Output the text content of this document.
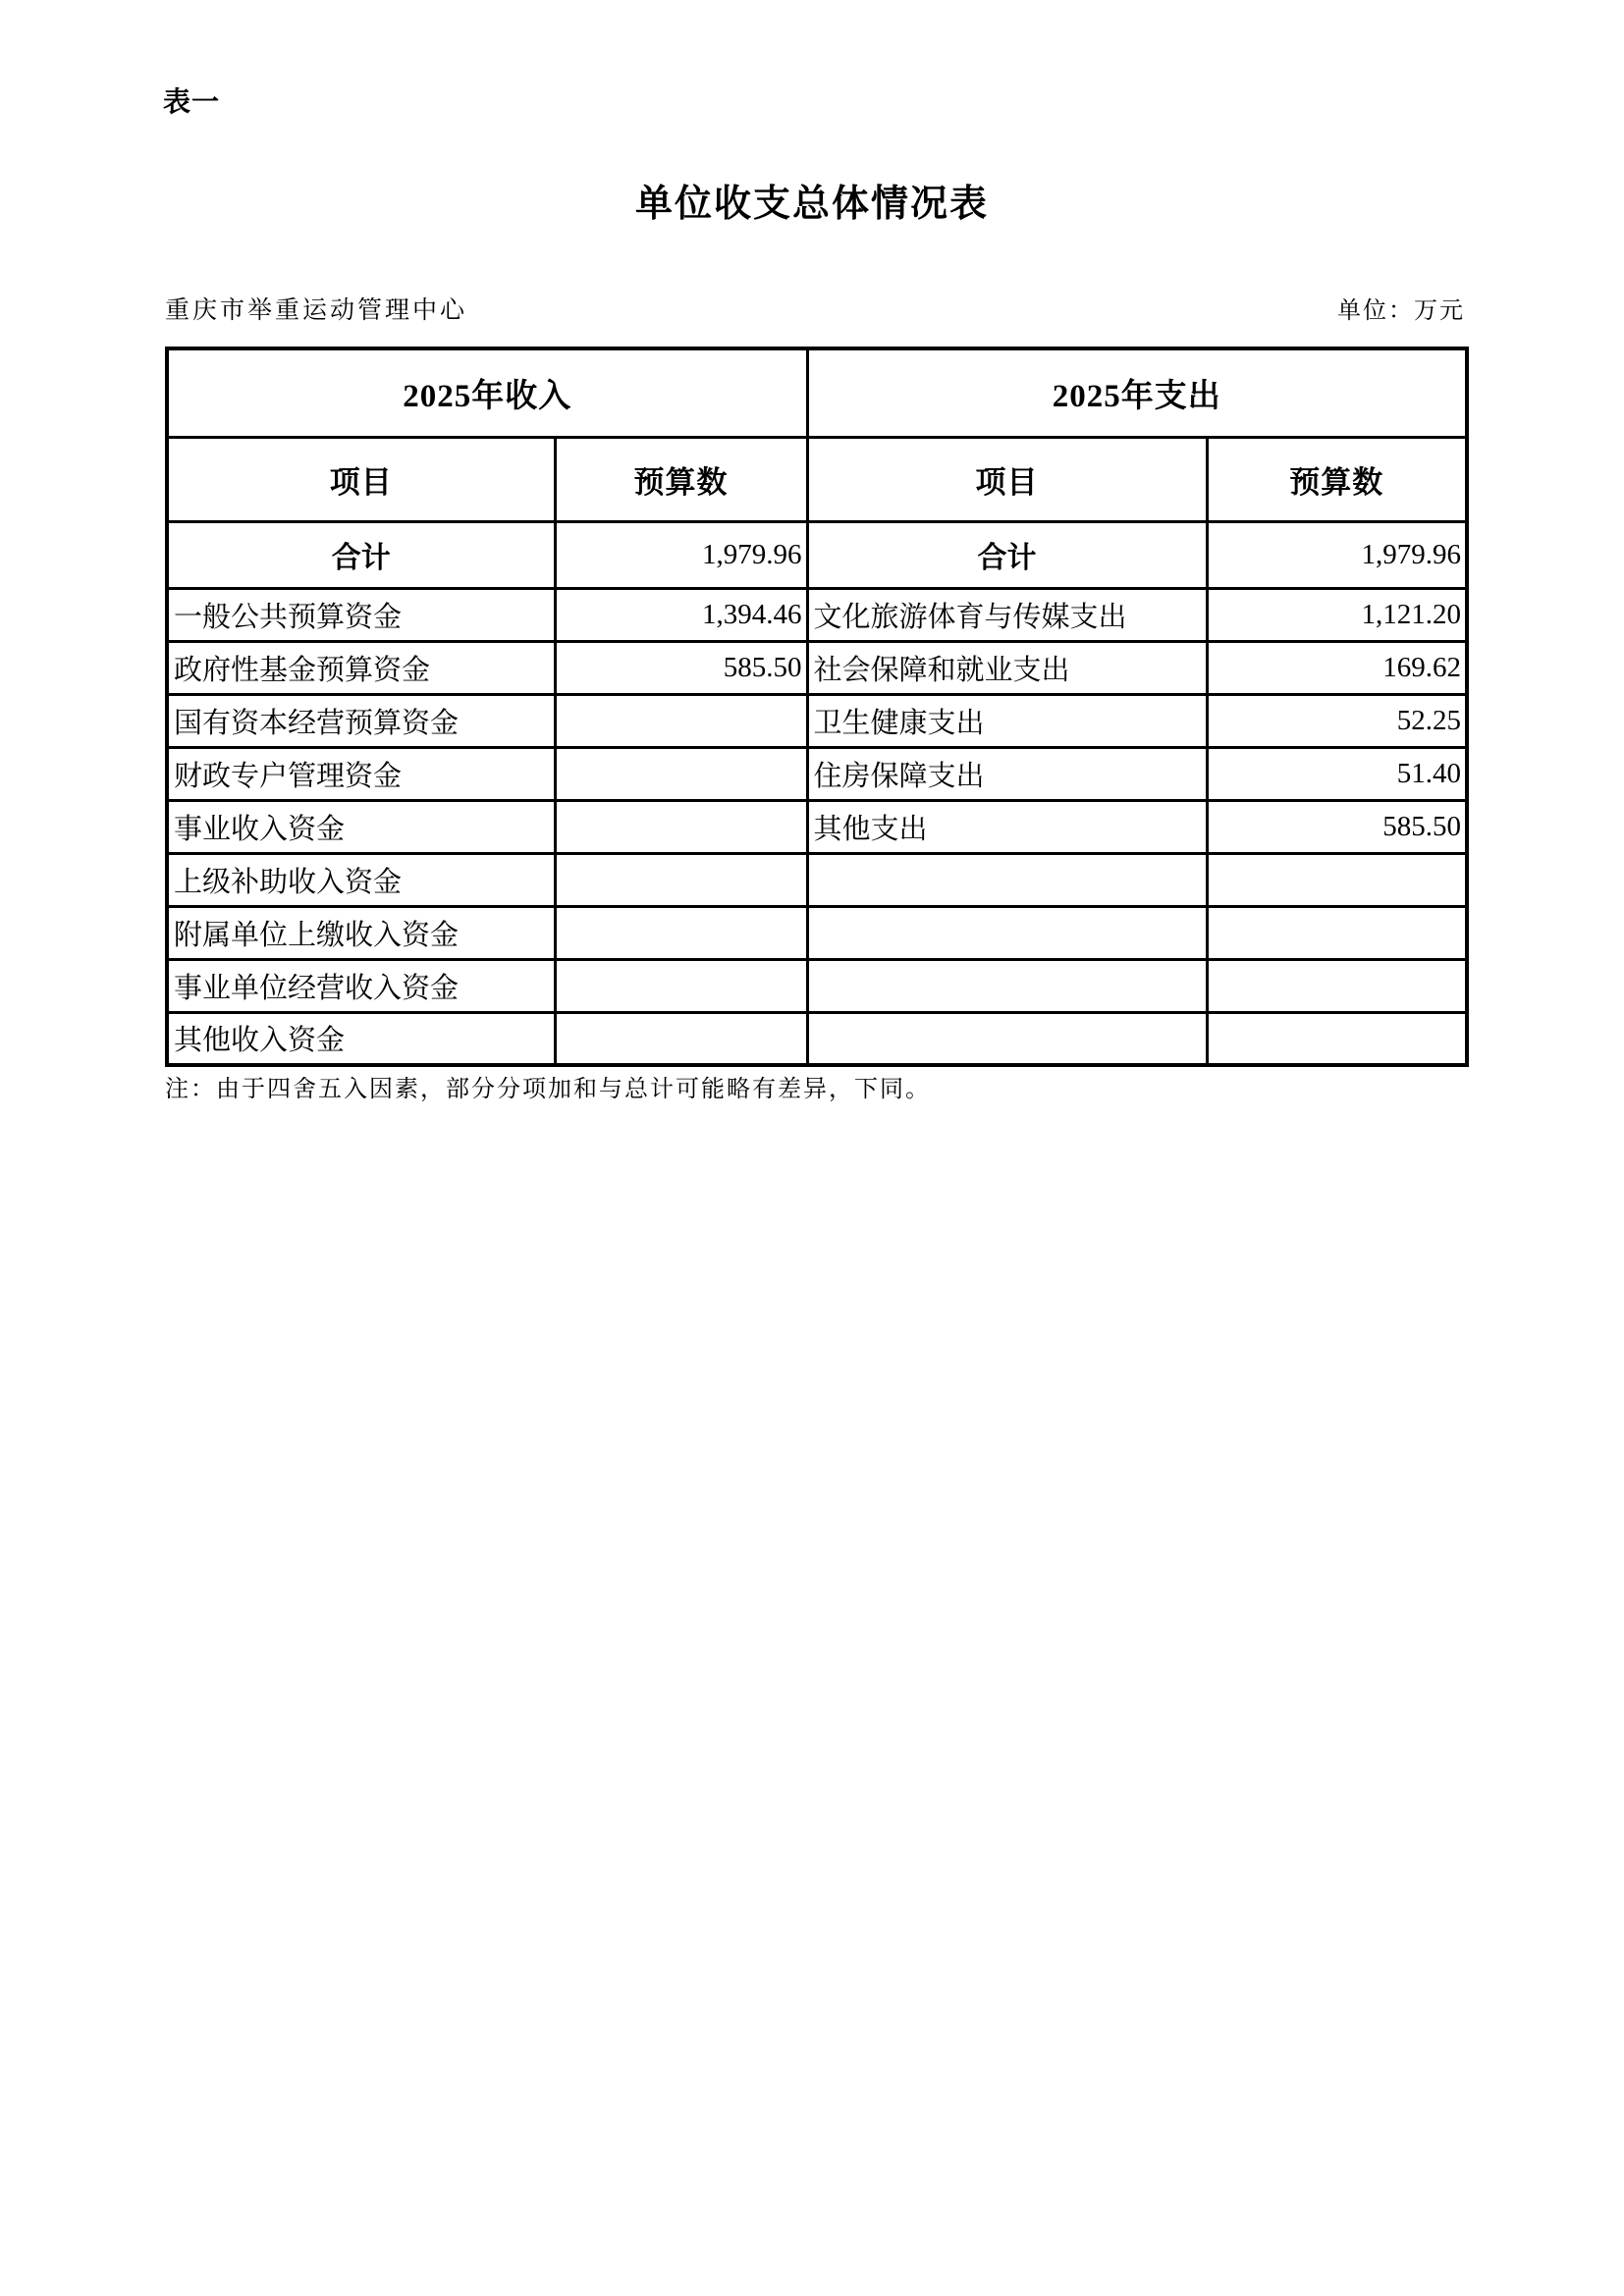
表一
单位收支总体情况表
重庆市举重运动管理中心	单位：万元
2025年收入		2025年支出	
项目	预算数	项目	预算数
合计	1,979.96	合计	1,979.96
一般公共预算资金	1,394.46	文化旅游体育与传媒支出	1,121.20
政府性基金预算资金	585.50	社会保障和就业支出	169.62
国有资本经营预算资金		卫生健康支出	52.25
财政专户管理资金		住房保障支出	51.40
事业收入资金		其他支出	585.50
上级补助收入资金			
附属单位上缴收入资金			
事业单位经营收入资金			
其他收入资金			
注：由于四舍五入因素，部分分项加和与总计可能略有差异，下同。
